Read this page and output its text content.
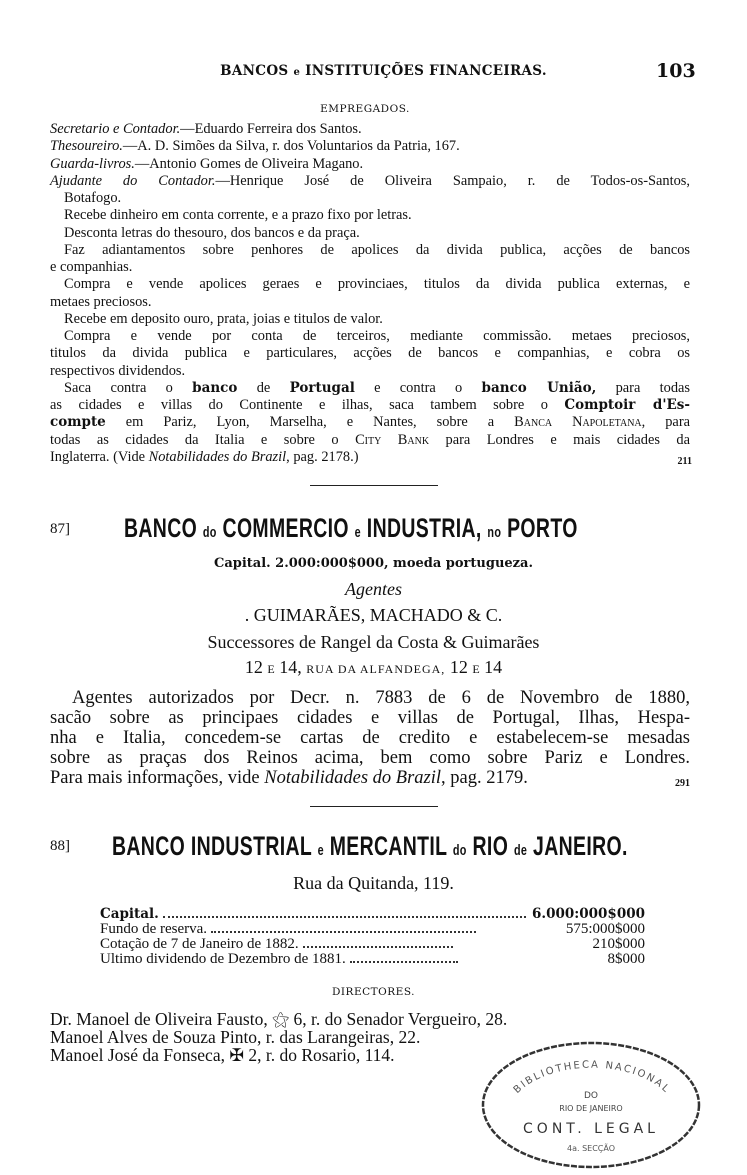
BANCOS e INSTITUIÇÕES FINANCEIRAS.	103
EMPREGADOS.
Secretario e Contador.—Eduardo Ferreira dos Santos.
Thesoureiro.—A. D. Simões da Silva, r. dos Voluntarios da Patria, 167.
Guarda-livros.—Antonio Gomes de Oliveira Magano.
Ajudante do Contador.—Henrique José de Oliveira Sampaio, r. de Todos-os-Santos,
Botafogo.
Recebe dinheiro em conta corrente, e a prazo fixo por letras.
Desconta letras do thesouro, dos bancos e da praça.
Faz adiantamentos sobre penhores de apolices da divida publica, acções de bancos
e companhias.
Compra e vende apolices geraes e provinciaes, titulos da divida publica externas, e
metaes preciosos.
Recebe em deposito ouro, prata, joias e titulos de valor.
Compra e vende por conta de terceiros, mediante commissão. metaes preciosos,
titulos da divida publica e particulares, acções de bancos e companhias, e cobra os
respectivos dividendos.
Saca contra o banco de Portugal e contra o banco União, para todas
as cidades e villas do Continente e ilhas, saca tambem sobre o Comptoir d'Es-
compte em Pariz, Lyon, Marselha, e Nantes, sobre a Banca Napoletana, para
todas as cidades da Italia e sobre o City Bank para Londres e mais cidades da
Inglaterra. (Vide Notabilidades do Brazil, pag. 2178.)	211
87] BANCO do COMMERCIO e INDUSTRIA, no PORTO
Capital. 2.000:000$000, moeda portugueza.
Agentes
. GUIMARÃES, MACHADO & C.
Successores de Rangel da Costa & Guimarães
12 E 14, RUA DA ALFANDEGA, 12 E 14
Agentes autorizados por Decr. n. 7883 de 6 de Novembro de 1880,
sacão sobre as principaes cidades e villas de Portugal, Ilhas, Hespa-
nha e Italia, concedem-se cartas de credito e estabelecem-se mesadas
sobre as praças dos Reinos acima, bem como sobre Pariz e Londres.
Para mais informações, vide Notabilidades do Brazil, pag. 2179.	291
88] BANCO INDUSTRIAL e MERCANTIL do RIO de JANEIRO.
Rua da Quitanda, 119.
Capital.	6.000:000$000
Fundo de reserva.	575:000$000
Cotação de 7 de Janeiro de 1882.	210$000
Ultimo dividendo de Dezembro de 1881.	8$000
DIRECTORES.
Dr. Manoel de Oliveira Fausto, ⚝ 6, r. do Senador Vergueiro, 28.
Manoel Alves de Souza Pinto, r. das Larangeiras, 22.
Manoel José da Fonseca, ✠ 2, r. do Rosario, 114.
BIBLIOTHECA NACIONAL
DO
RIO DE JANEIRO
CONT. LEGAL
4a. SECÇÃO
